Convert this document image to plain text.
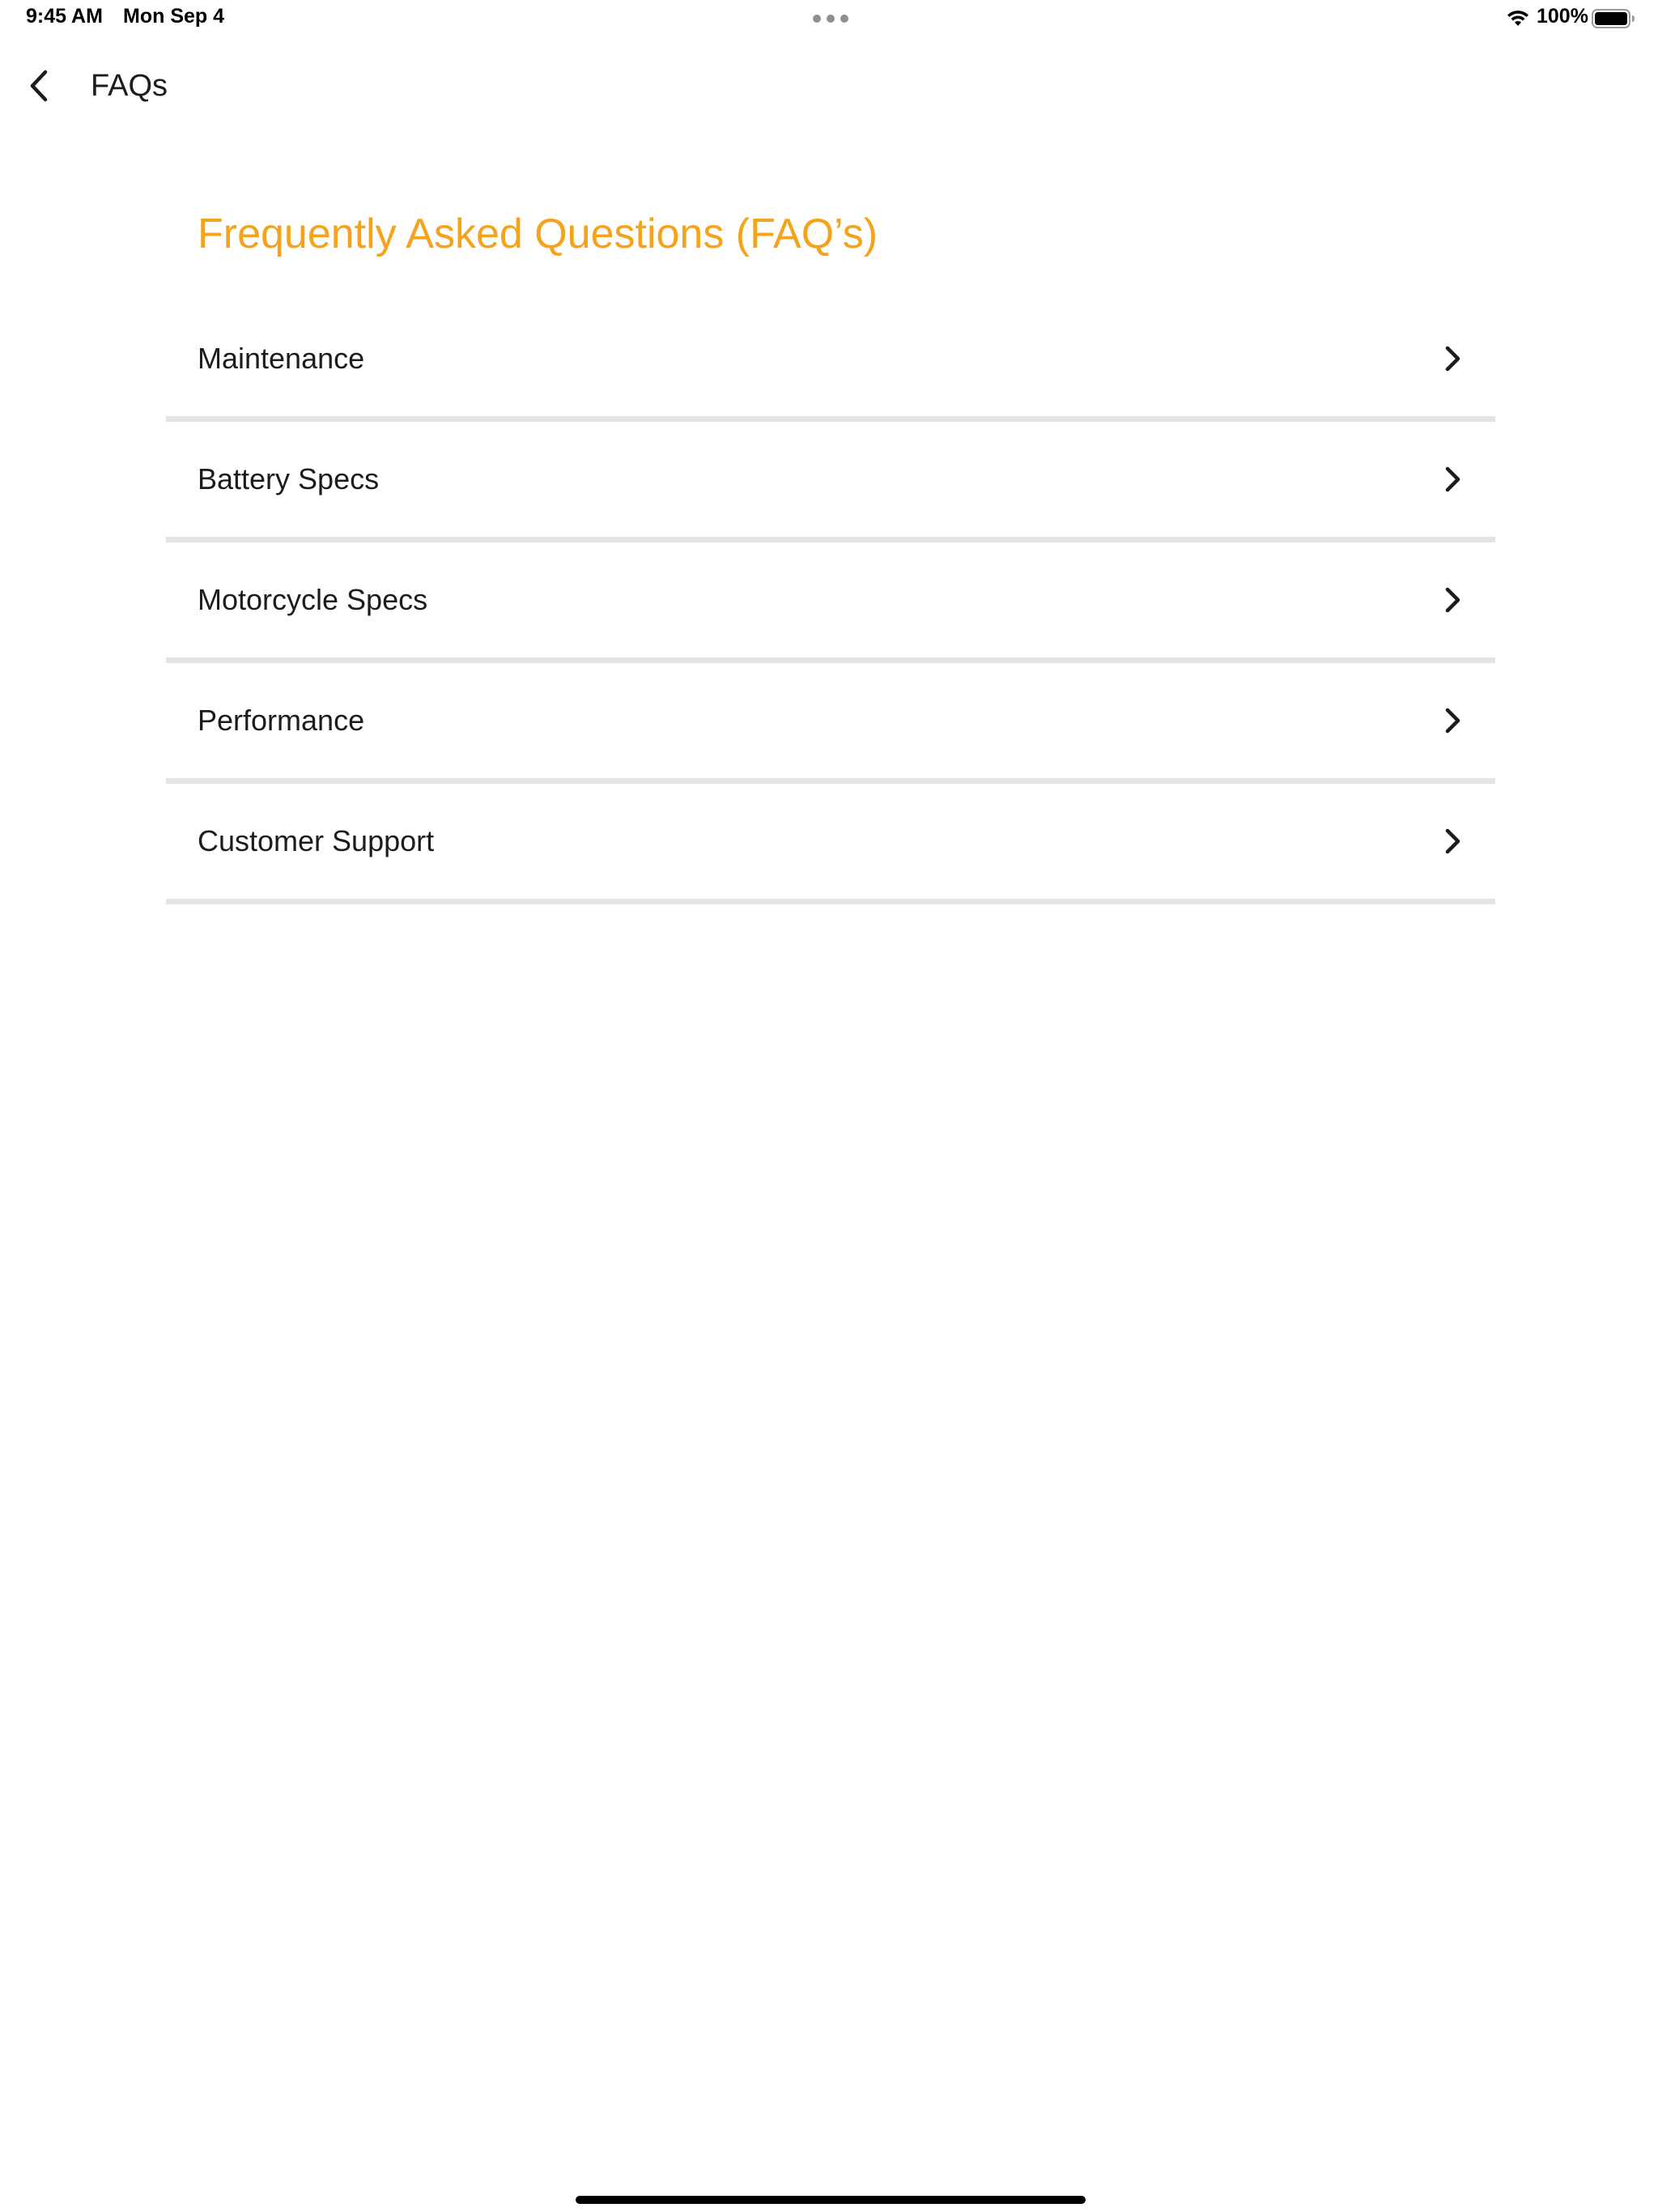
9:45 AM Mon Sep 4	100%
FAQs
Frequently Asked Questions (FAQ’s)
Maintenance
Battery Specs
Motorcycle Specs
Performance
Customer Support
